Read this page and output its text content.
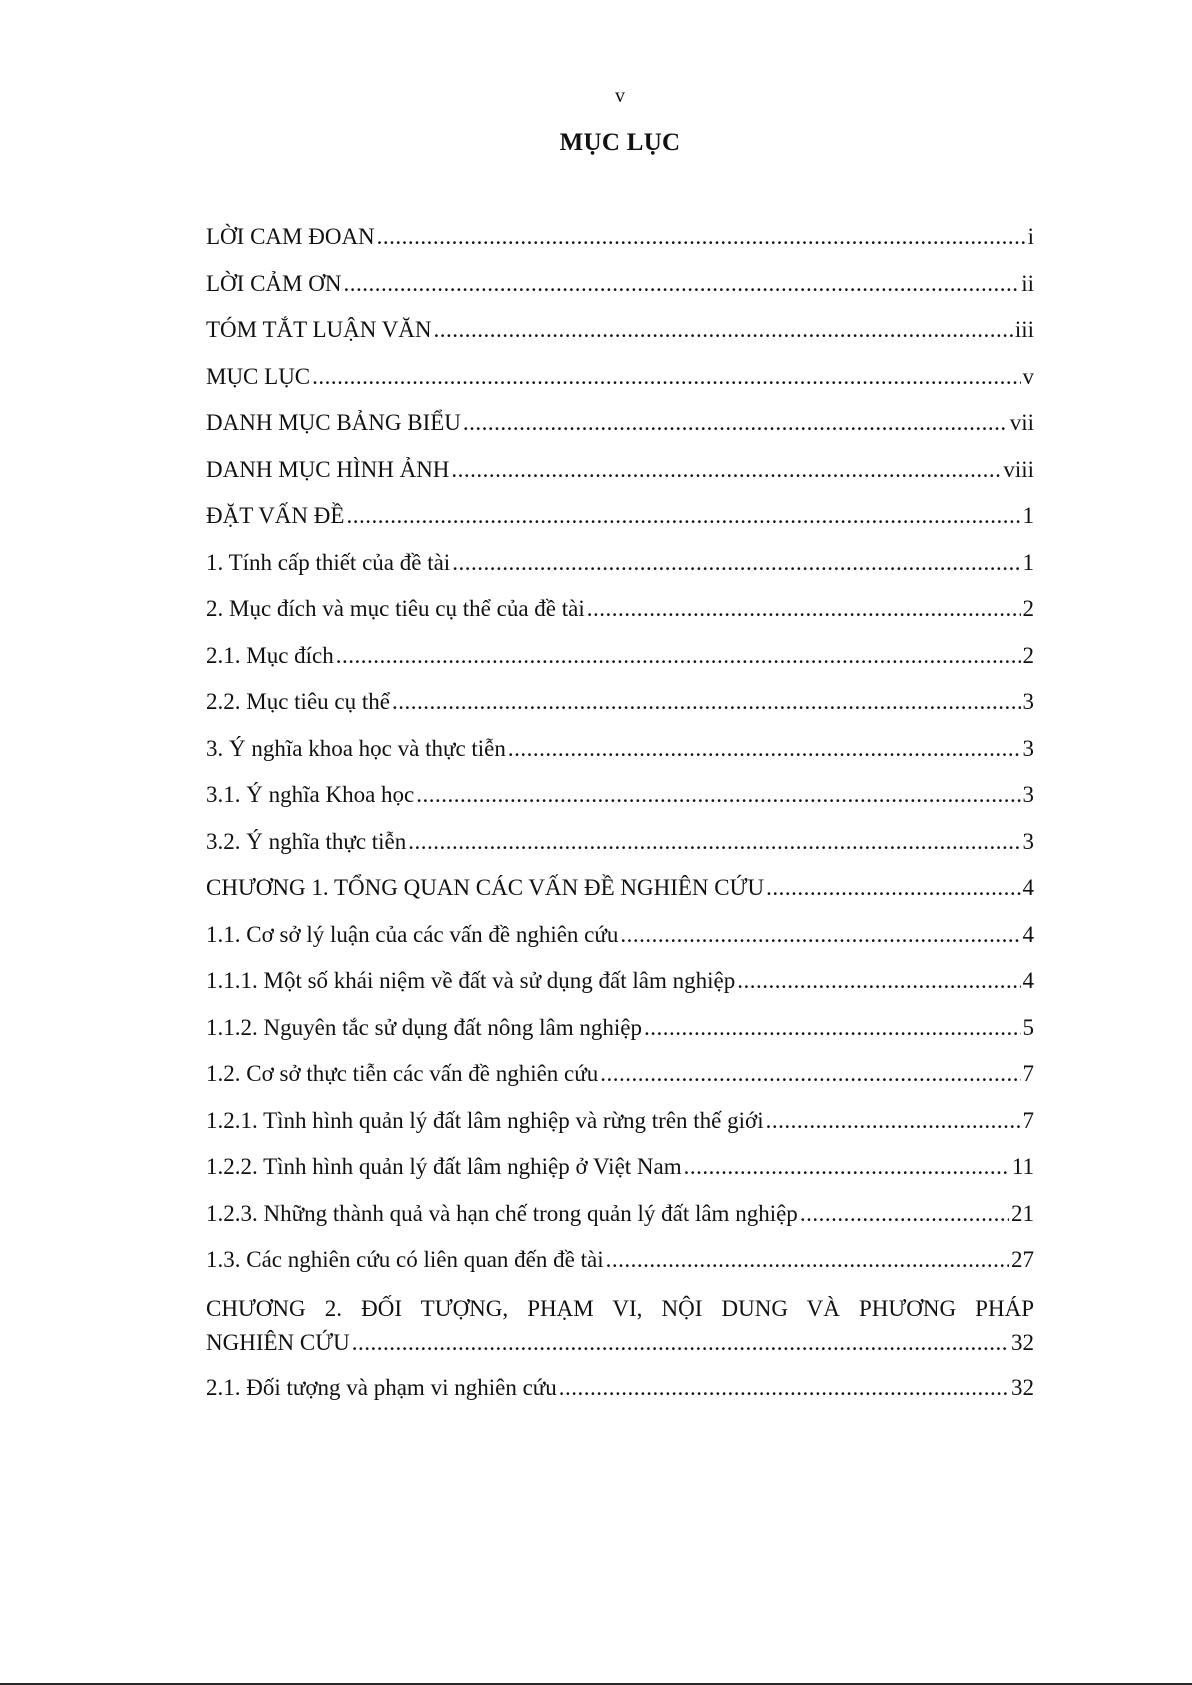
v
MỤC LỤC
LỜI CAM ĐOAN .....	i
LỜI CẢM ƠN .....	ii
TÓM TẮT LUẬN VĂN .....	iii
MỤC LỤC .....	v
DANH MỤC BẢNG BIỂU .....	vii
DANH MỤC HÌNH ẢNH .....	viii
ĐẶT VẤN ĐỀ .....	1
1. Tính cấp thiết của đề tài .....	1
2. Mục đích và mục tiêu cụ thể của đề tài .....	2
2.1. Mục đích .....	2
2.2. Mục tiêu cụ thể .....	3
3. Ý nghĩa khoa học và thực tiễn .....	3
3.1. Ý nghĩa Khoa học .....	3
3.2. Ý nghĩa thực tiễn .....	3
CHƯƠNG 1. TỔNG QUAN CÁC VẤN ĐỀ NGHIÊN CỨU .....	4
1.1. Cơ sở lý luận của các vấn đề nghiên cứu .....	4
1.1.1. Một số khái niệm về đất và sử dụng đất lâm nghiệp .....	4
1.1.2. Nguyên tắc sử dụng đất nông lâm nghiệp .....	5
1.2. Cơ sở thực tiễn các vấn đề nghiên cứu .....	7
1.2.1. Tình hình quản lý đất lâm nghiệp và rừng trên thế giới .....	7
1.2.2. Tình hình quản lý đất lâm nghiệp ở Việt Nam .....	11
1.2.3. Những thành quả và hạn chế trong quản lý đất lâm nghiệp .....	21
1.3. Các nghiên cứu có liên quan đến đề tài .....	27
CHƯƠNG 2. ĐỐI TƯỢNG, PHẠM VI, NỘI DUNG VÀ PHƯƠNG PHÁP
NGHIÊN CỨU .....	32
2.1. Đối tượng và phạm vi nghiên cứu .....	32
